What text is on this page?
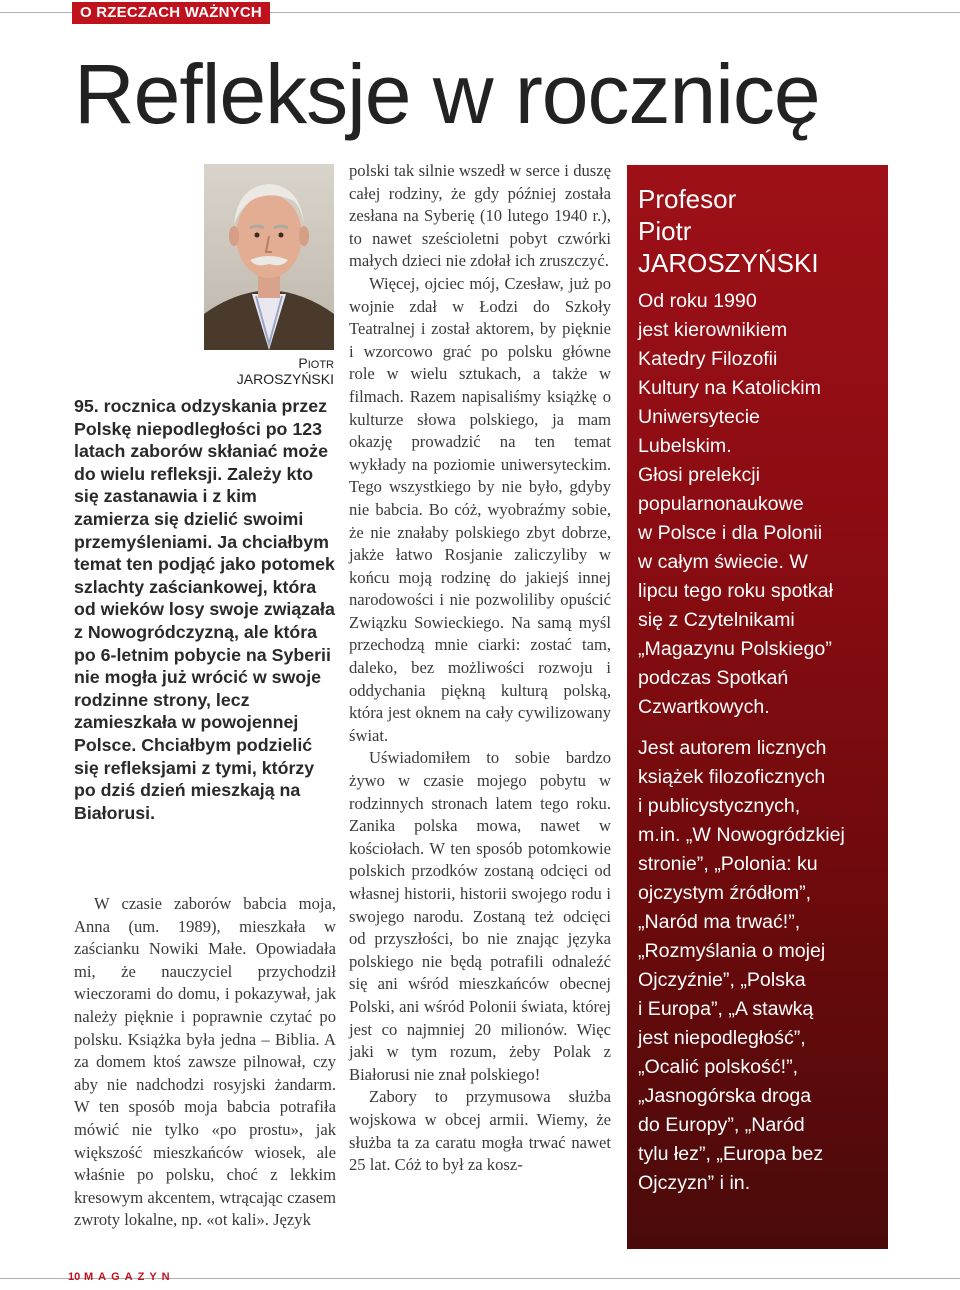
O RZECZACH WAŻNYCH
Refleksje w rocznicę
PIOTR JAROSZYŃSKI

95. rocznica odzyskania przez Polskę niepodległości po 123 latach zaborów skłaniać może do wielu refleksji. Zależy kto się zastanawia i z kim zamierza się dzielić swoimi przemyśleniami. Ja chciałbym temat ten podjąć jako potomek szlachty zaściankowej, która od wieków losy swoje związała z Nowogródczyzną, ale która po 6-letnim pobycie na Syberii nie mogła już wrócić w swoje rodzinne strony, lecz zamieszkała w powojennej Polsce. Chciałbym podzielić się refleksjami z tymi, którzy po dziś dzień mieszkają na Białorusi.

W czasie zaborów babcia moja, Anna (um. 1989), mieszkała w zaścianku Nowiki Małe. Opowiadała mi, że nauczyciel przychodził wieczorami do domu, i pokazywał, jak należy pięknie i poprawnie czytać po polsku. Książka była jedna – Biblia. A za domem ktoś zawsze pilnował, czy aby nie nadchodzi rosyjski żandarm. W ten sposób moja babcia potrafiła mówić nie tylko «po prostu», jak większość mieszkańców wiosek, ale właśnie po polsku, choć z lekkim kresowym akcentem, wtrącając czasem zwroty lokalne, np. «ot kali». Język

polski tak silnie wszedł w serce i duszę całej rodziny, że gdy później została zesłana na Syberię (10 lutego 1940 r.), to nawet sześcioletni pobyt czwórki małych dzieci nie zdołał ich zruszczyć.

Więcej, ojciec mój, Czesław, już po wojnie zdał w Łodzi do Szkoły Teatralnej i został aktorem, by pięknie i wzorcowo grać po polsku główne role w wielu sztukach, a także w filmach. Razem napisaliśmy książkę o kulturze słowa polskiego, ja mam okazję prowadzić na ten temat wykłady na poziomie uniwersyteckim. Tego wszystkiego by nie było, gdyby nie babcia. Bo cóż, wyobraźmy sobie, że nie znałaby polskiego zbyt dobrze, jakże łatwo Rosjanie zaliczyliby w końcu moją rodzinę do jakiejś innej narodowości i nie pozwoliliby opuścić Związku Sowieckiego. Na samą myśl przechodzą mnie ciarki: zostać tam, daleko, bez możliwości rozwoju i oddychania piękną kulturą polską, która jest oknem na cały cywilizowany świat.

Uświadomiłem to sobie bardzo żywo w czasie mojego pobytu w rodzinnych stronach latem tego roku. Zanika polska mowa, nawet w kościołach. W ten sposób potomkowie polskich przodków zostaną odcięci od własnej historii, historii swojego rodu i swojego narodu. Zostaną też odcięci od przyszłości, bo nie znając języka polskiego nie będą potrafili odnaleźć się ani wśród mieszkańców obecnej Polski, ani wśród Polonii świata, której jest co najmniej 20 milionów. Więc jaki w tym rozum, żeby Polak z Białorusi nie znał polskiego!

Zabory to przymusowa służba wojskowa w obcej armii. Wiemy, że służba ta za caratu mogła trwać nawet 25 lat. Cóż to był za kosz-

Profesor
Piotr
JAROSZYŃSKI

Od roku 1990
jest kierownikiem
Katedry Filozofii
Kultury na Katolickim
Uniwersytecie
Lubelskim.
Głosi prelekcji
popularnonaukowe
w Polsce i dla Polonii
w całym świecie. W
lipcu tego roku spotkał
się z Czytelnikami
„Magazynu Polskiego”
podczas Spotkań
Czwartkowych.

Jest autorem licznych
książek filozoficznych
i publicystycznych,
m.in. „W Nowogródzkiej
stronie”, „Polonia: ku
ojczystym źródłom”,
„Naród ma trwać!”,
„Rozmyślania o mojej
Ojczyźnie”, „Polska
i Europa”, „A stawką
jest niepodległość”,
„Ocalić polskość!”,
„Jasnogórska droga
do Europy”, „Naród
tylu łez”, „Europa bez
Ojczyzn” i in.

10 MAGAZYN
